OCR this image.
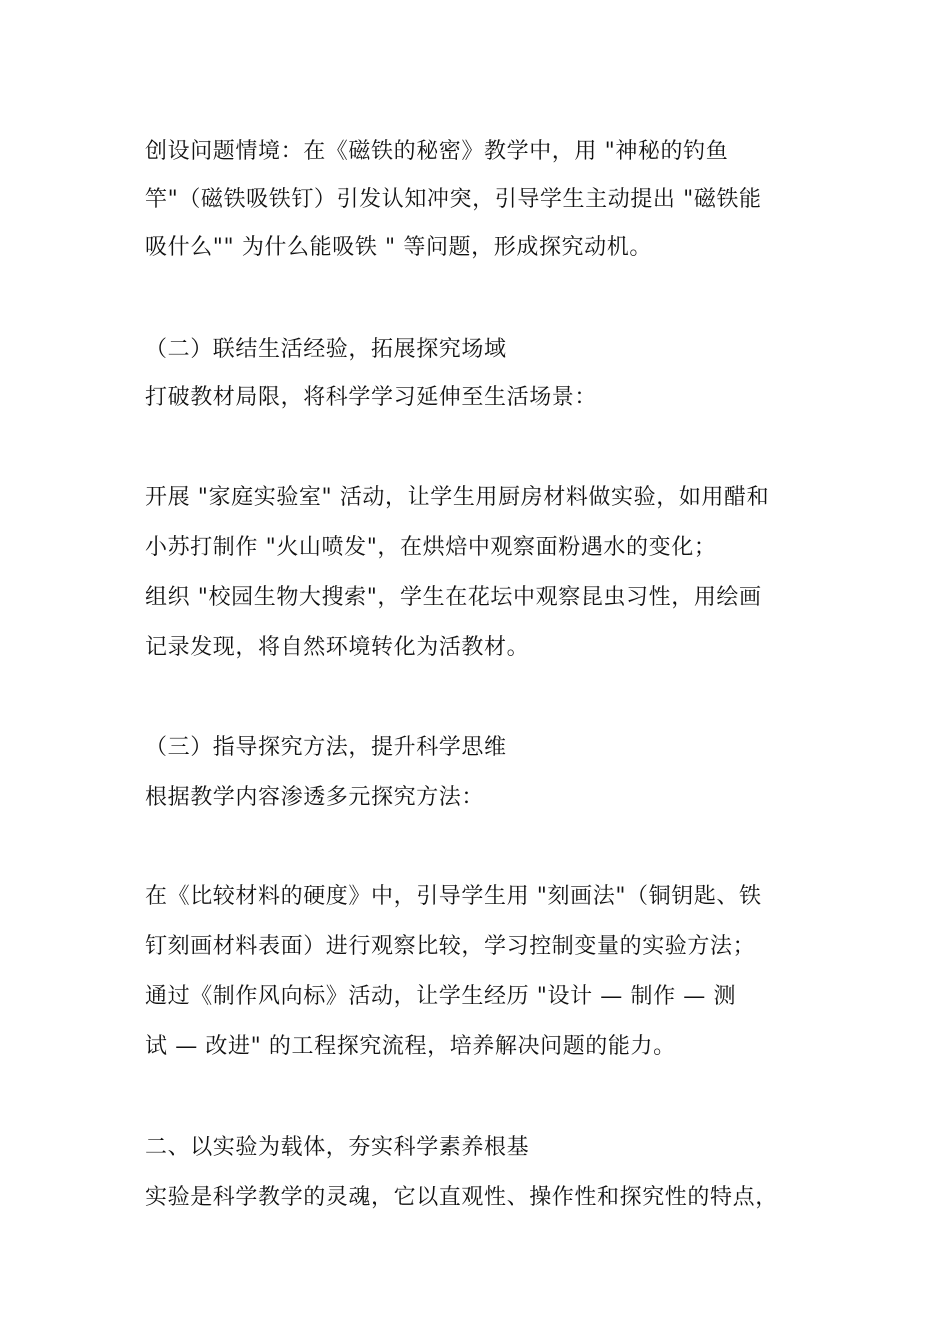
创设问题情境：在《磁铁的秘密》教学中，用 "神秘的钓鱼
竿"（磁铁吸铁钉）引发认知冲突，引导学生主动提出 "磁铁能
吸什么"" 为什么能吸铁 " 等问题，形成探究动机。
（二）联结生活经验，拓展探究场域
打破教材局限，将科学学习延伸至生活场景：
开展 "家庭实验室" 活动，让学生用厨房材料做实验，如用醋和
小苏打制作 "火山喷发"，在烘焙中观察面粉遇水的变化；
组织 "校园生物大搜索"，学生在花坛中观察昆虫习性，用绘画
记录发现，将自然环境转化为活教材。
（三）指导探究方法，提升科学思维
根据教学内容渗透多元探究方法：
在《比较材料的硬度》中，引导学生用 "刻画法"（铜钥匙、铁
钉刻画材料表面）进行观察比较，学习控制变量的实验方法；
通过《制作风向标》活动，让学生经历 "设计 — 制作 — 测
试 — 改进" 的工程探究流程，培养解决问题的能力。
二、以实验为载体，夯实科学素养根基
实验是科学教学的灵魂，它以直观性、操作性和探究性的特点，
